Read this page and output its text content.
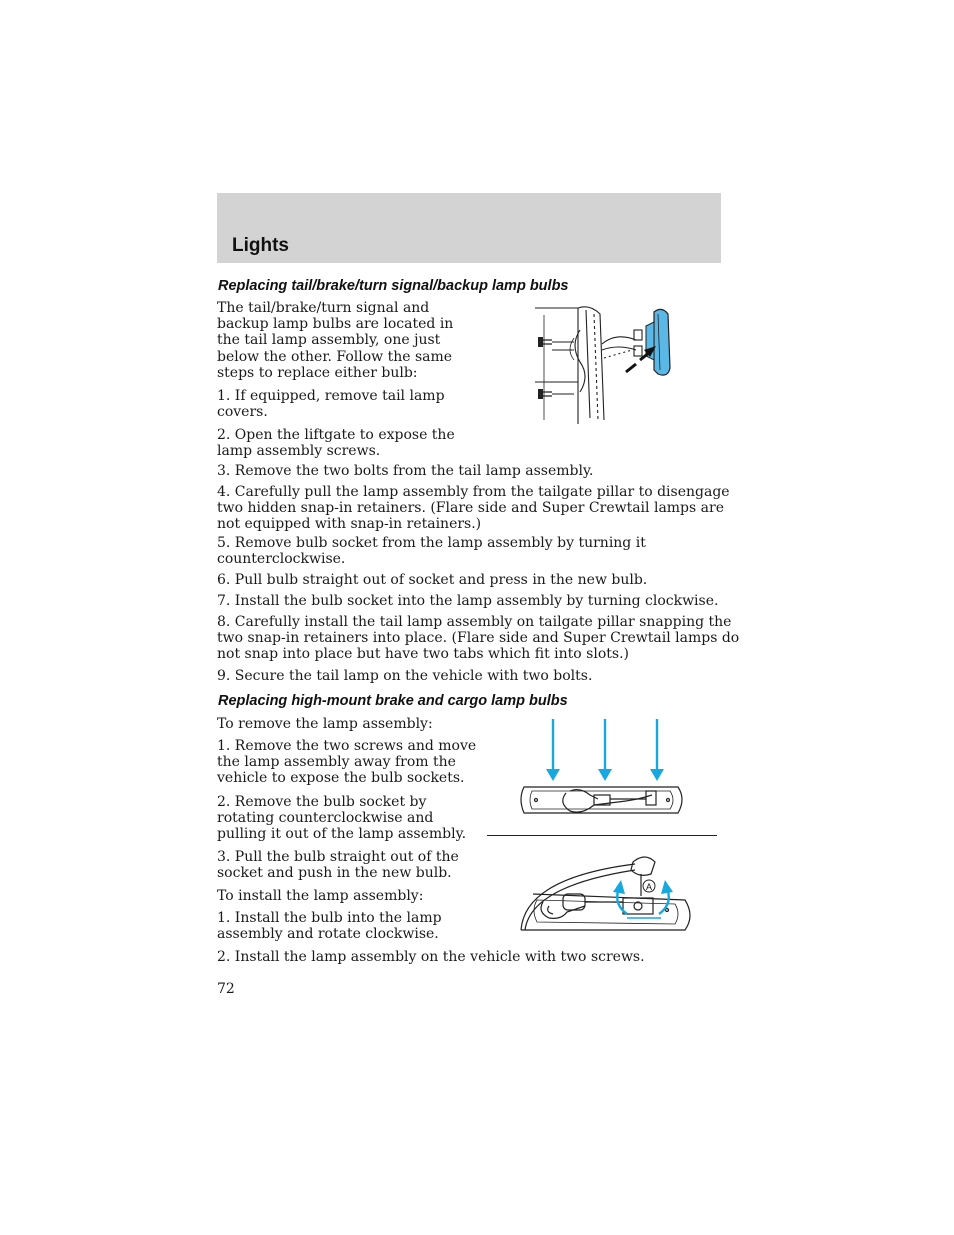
Lights
Replacing tail/brake/turn signal/backup lamp bulbs

The tail/brake/turn signal and
backup lamp bulbs are located in
the tail lamp assembly, one just
below the other. Follow the same
steps to replace either bulb:

1. If equipped, remove tail lamp
covers.

2. Open the liftgate to expose the
lamp assembly screws.

3. Remove the two bolts from the tail lamp assembly.

4. Carefully pull the lamp assembly from the tailgate pillar to disengage
two hidden snap-in retainers. (Flare side and Super Crewtail lamps are
not equipped with snap-in retainers.)

5. Remove bulb socket from the lamp assembly by turning it
counterclockwise.

6. Pull bulb straight out of socket and press in the new bulb.

7. Install the bulb socket into the lamp assembly by turning clockwise.

8. Carefully install the tail lamp assembly on tailgate pillar snapping the
two snap-in retainers into place. (Flare side and Super Crewtail lamps do
not snap into place but have two tabs which fit into slots.)

9. Secure the tail lamp on the vehicle with two bolts.

Replacing high-mount brake and cargo lamp bulbs

To remove the lamp assembly:

1. Remove the two screws and move
the lamp assembly away from the
vehicle to expose the bulb sockets.

2. Remove the bulb socket by
rotating counterclockwise and
pulling it out of the lamp assembly.

3. Pull the bulb straight out of the
socket and push in the new bulb.

To install the lamp assembly:

1. Install the bulb into the lamp
assembly and rotate clockwise.

2. Install the lamp assembly on the vehicle with two screws.

A

72
